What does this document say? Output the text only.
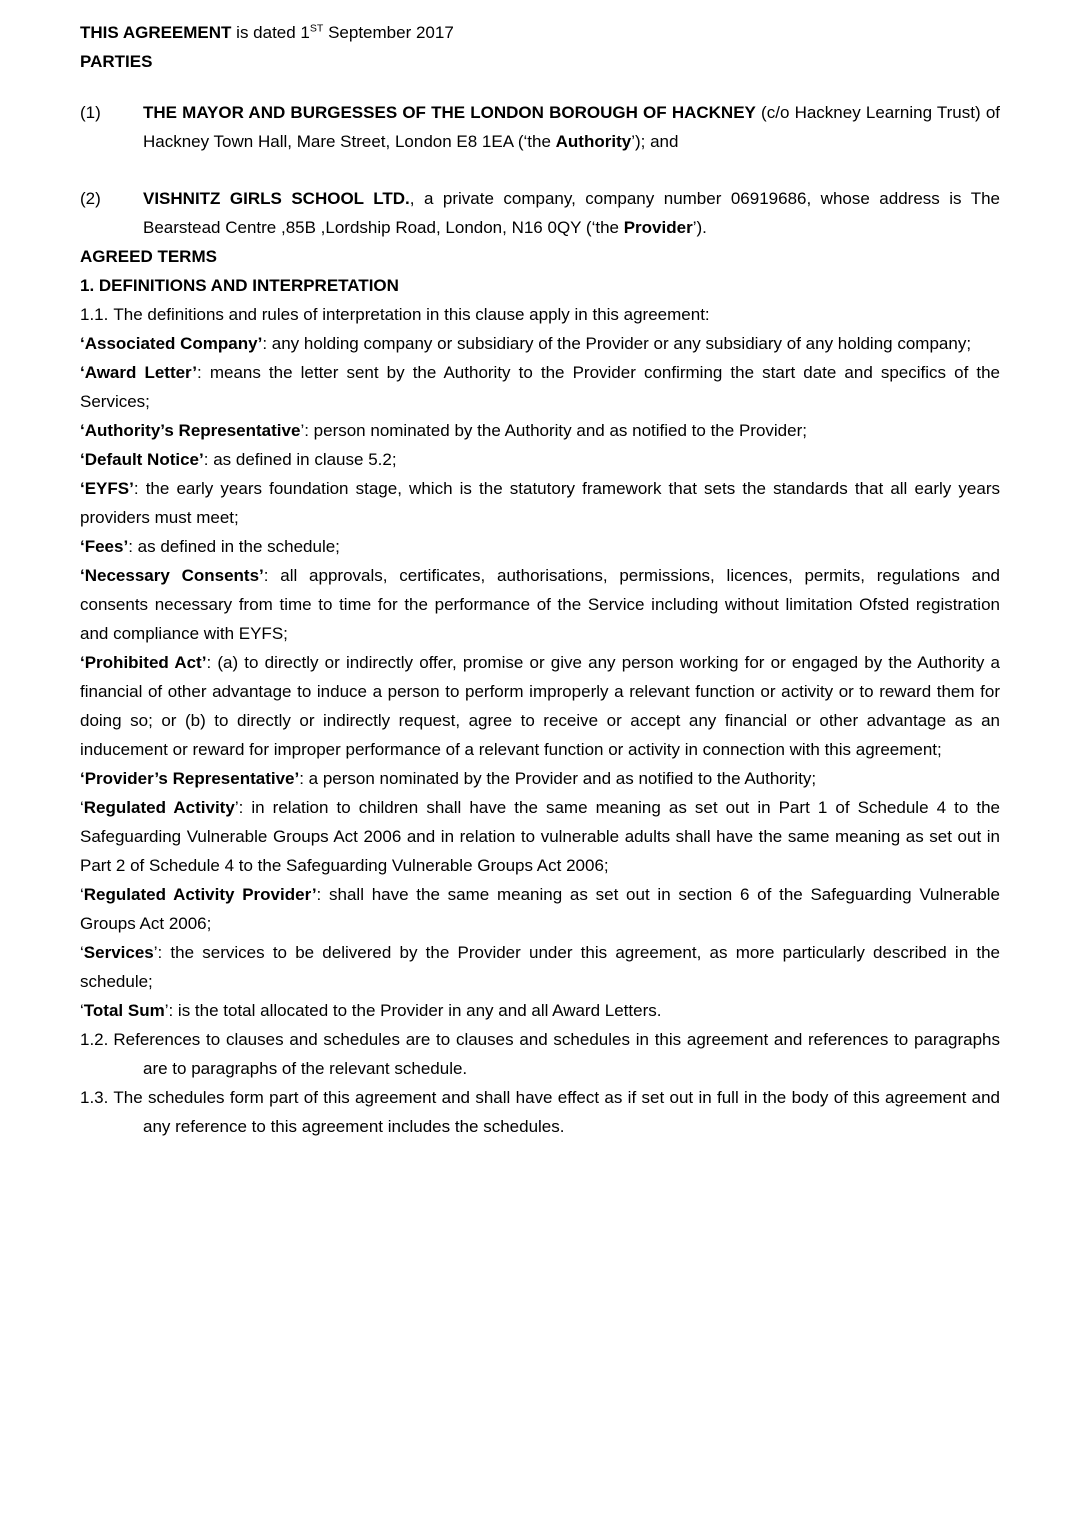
THIS AGREEMENT is dated 1ST September 2017

PARTIES

(1)	THE MAYOR AND BURGESSES OF THE LONDON BOROUGH OF HACKNEY (c/o Hackney Learning Trust) of Hackney Town Hall, Mare Street, London E8 1EA (‘the Authority’); and

(2)	VISHNITZ GIRLS SCHOOL LTD., a private company, company number 06919686, whose address is The Bearstead Centre ,85B ,Lordship Road, London, N16 0QY (‘the Provider’).

AGREED TERMS

1. DEFINITIONS AND INTERPRETATION

1.1. The definitions and rules of interpretation in this clause apply in this agreement:

‘Associated Company’: any holding company or subsidiary of the Provider or any subsidiary of any holding company;

‘Award Letter’: means the letter sent by the Authority to the Provider confirming the start date and specifics of the Services;

‘Authority’s Representative’: person nominated by the Authority and as notified to the Provider;

‘Default Notice’: as defined in clause 5.2;

‘EYFS’: the early years foundation stage, which is the statutory framework that sets the standards that all early years providers must meet;

‘Fees’: as defined in the schedule;

‘Necessary Consents’: all approvals, certificates, authorisations, permissions, licences, permits, regulations and consents necessary from time to time for the performance of the Service including without limitation Ofsted registration and compliance with EYFS;

‘Prohibited Act’: (a) to directly or indirectly offer, promise or give any person working for or engaged by the Authority a financial of other advantage to induce a person to perform improperly a relevant function or activity or to reward them for doing so; or (b) to directly or indirectly request, agree to receive or accept any financial or other advantage as an inducement or reward for improper performance of a relevant function or activity in connection with this agreement;

‘Provider’s Representative’: a person nominated by the Provider and as notified to the Authority;

‘Regulated Activity’: in relation to children shall have the same meaning as set out in Part 1 of Schedule 4 to the Safeguarding Vulnerable Groups Act 2006 and in relation to vulnerable adults shall have the same meaning as set out in Part 2 of Schedule 4 to the Safeguarding Vulnerable Groups Act 2006;

‘Regulated Activity Provider’: shall have the same meaning as set out in section 6 of the Safeguarding Vulnerable Groups Act 2006;

‘Services’: the services to be delivered by the Provider under this agreement, as more particularly described in the schedule;

‘Total Sum’: is the total allocated to the Provider in any and all Award Letters.

1.2. References to clauses and schedules are to clauses and schedules in this agreement and references to paragraphs are to paragraphs of the relevant schedule.

1.3. The schedules form part of this agreement and shall have effect as if set out in full in the body of this agreement and any reference to this agreement includes the schedules.
